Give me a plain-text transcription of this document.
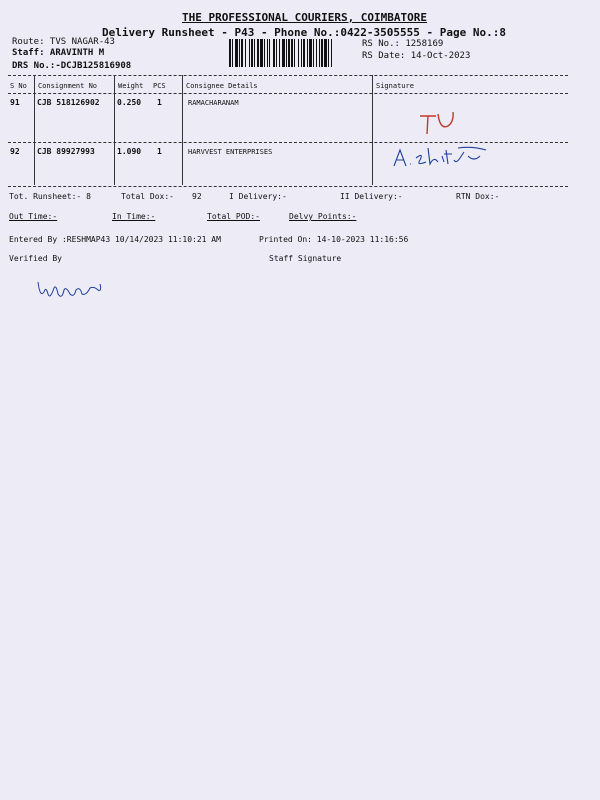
THE PROFESSIONAL COURIERS, COIMBATORE
Delivery Runsheet - P43 - Phone No.:0422-3505555 - Page No.:8
Route: TVS NAGAR-43
Staff: ARAVINTH M
DRS No.:-DCJB125816908
RS No.: 1258169
RS Date: 14-Oct-2023
S No Consignment No	Weight PCS	Consignee Details	Signature
91 CJB 518126902 0.250 1	RAMACHARANAM
92 CJB 89927993	1.090 1	HARVVEST ENTERPRISES
Tot. Runsheet:- 8	Total Dox:- 92	I Delivery:-	II Delivery:-	RTN Dox:-
Out Time:-	In Time:-	Total POD:-	Delvy Points:-
Entered By :RESHMAP43 10/14/2023 11:10:21 AM	Printed On: 14-10-2023 11:16:56
Verified By	Staff Signature
